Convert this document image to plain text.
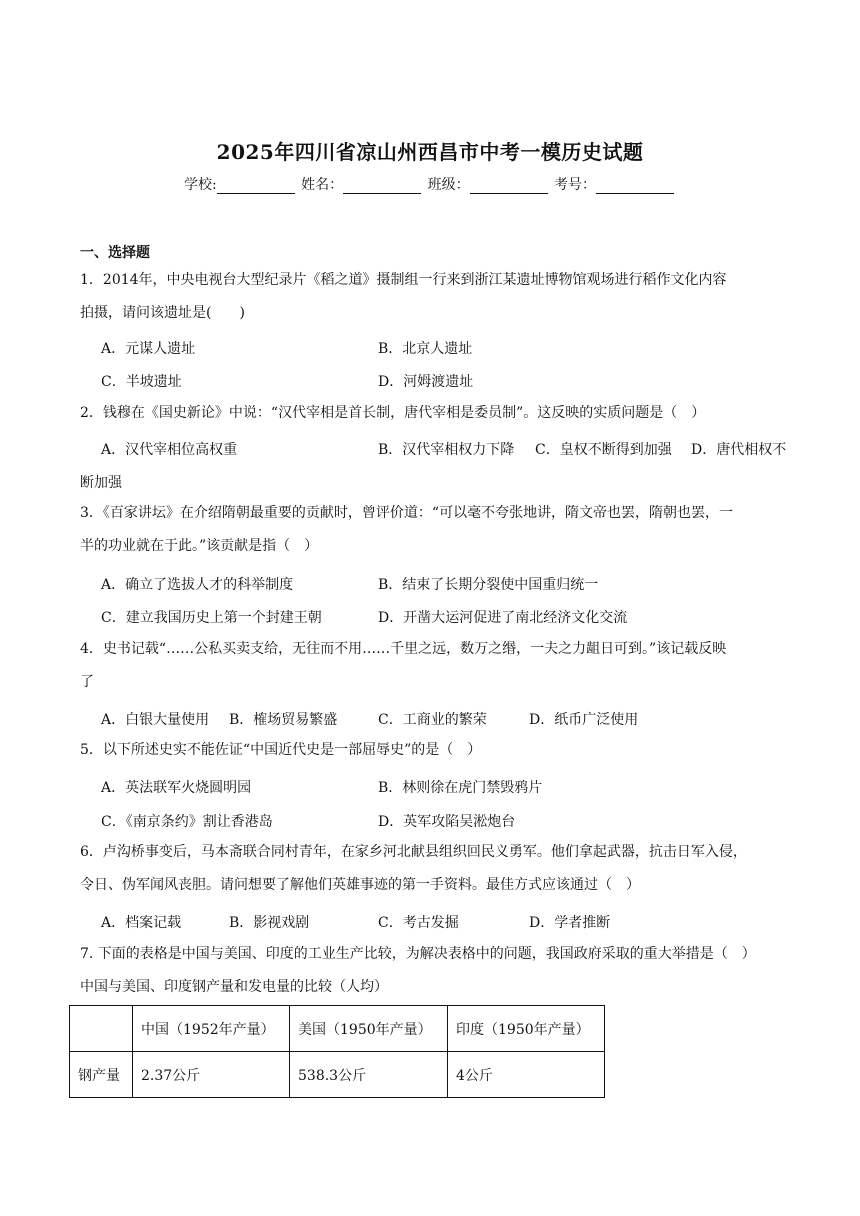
2025年四川省凉山州西昌市中考一模历史试题
学校:	姓名：	班级：	考号：
一、选择题
1．2014年，中央电视台大型纪录片《稻之道》摄制组一行来到浙江某遗址博物馆观场进行稻作文化内容
拍摄，请问该遗址是(　　)
A．元谋人遗址	B．北京人遗址
C．半坡遗址	D．河姆渡遗址
2．钱穆在《国史新论》中说：“汉代宰相是首长制，唐代宰相是委员制”。这反映的实质问题是（　）
A．汉代宰相位高权重	B．汉代宰相权力下降 C．皇权不断得到加强 D．唐代相权不
断加强
3．《百家讲坛》在介绍隋朝最重要的贡献时，曾评价道：“可以毫不夸张地讲，隋文帝也罢，隋朝也罢，一
半的功业就在于此。”该贡献是指（　）
A．确立了选拔人才的科举制度	B．结束了长期分裂使中国重归统一
C．建立我国历史上第一个封建王朝	D．开凿大运河促进了南北经济文化交流
4．史书记载“……公私买卖支给，无往而不用……千里之远，数万之缗，一夫之力龃日可到。”该记载反映
了
A．白银大量使用 B．榷场贸易繁盛	C．工商业的繁荣	D．纸币广泛使用
5．以下所述史实不能佐证“中国近代史是一部屈辱史”的是（　）
A．英法联军火烧圆明园	B．林则徐在虎门禁毁鸦片
C．《南京条约》割让香港岛	D．英军攻陷吴淞炮台
6．卢沟桥事变后，马本斋联合同村青年，在家乡河北献县组织回民义勇军。他们拿起武器，抗击日军入侵，
令日、伪军闻风丧胆。请问想要了解他们英雄事迹的第一手资料。最佳方式应该通过（　）
A．档案记载	B．影视戏剧	C．考古发掘	D．学者推断
7. 下面的表格是中国与美国、印度的工业生产比较，为解决表格中的问题，我国政府采取的重大举措是（　）
中国与美国、印度钢产量和发电量的比较（人均）
	中国（1952年产量）	美国（1950年产量）	印度（1950年产量）
钢产量	2.37公斤	538.3公斤	4公斤
